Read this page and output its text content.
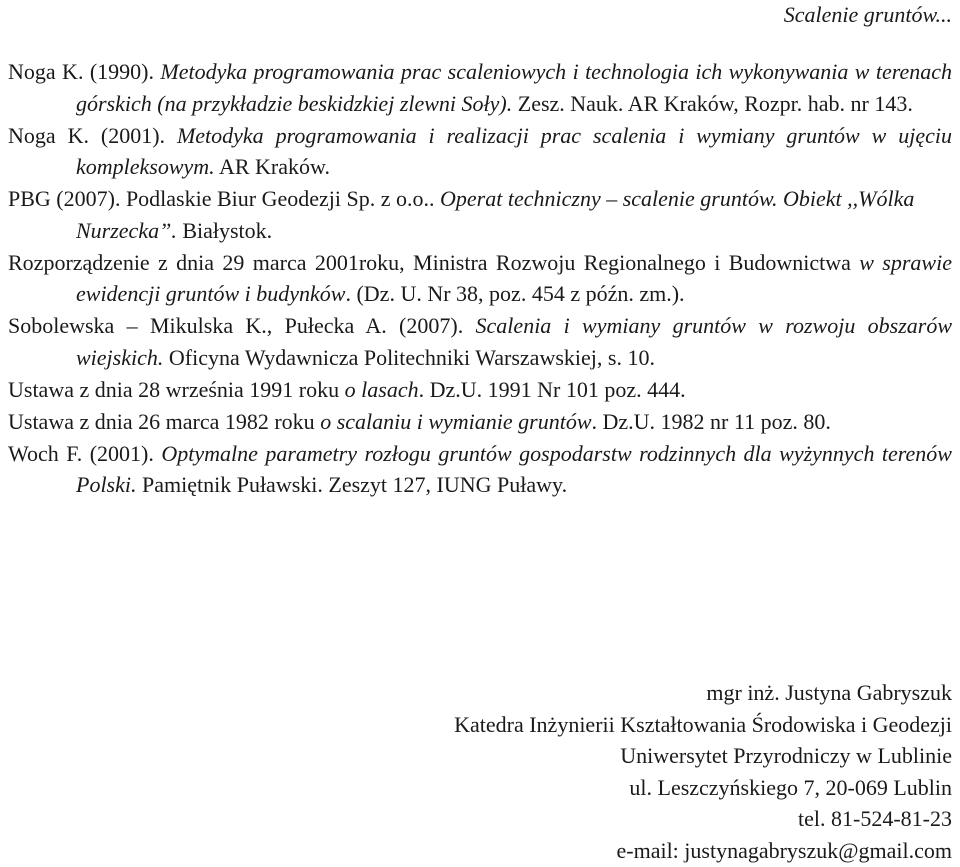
Scalenie gruntów...

Noga K. (1990). Metodyka programowania prac scaleniowych i technologia ich wykonywania w terenach górskich (na przykładzie beskidzkiej zlewni Soły). Zesz. Nauk. AR Kraków, Rozpr. hab. nr 143.

Noga K. (2001). Metodyka programowania i realizacji prac scalenia i wymiany gruntów w ujęciu kompleksowym. AR Kraków.

PBG (2007). Podlaskie Biur Geodezji Sp. z o.o.. Operat techniczny – scalenie gruntów. Obiekt ,,Wólka Nurzecka”. Białystok.

Rozporządzenie z dnia 29 marca 2001roku, Ministra Rozwoju Regionalnego i Budownictwa w sprawie ewidencji gruntów i budynków. (Dz. U. Nr 38, poz. 454 z późn. zm.).

Sobolewska – Mikulska K., Pułecka A. (2007). Scalenia i wymiany gruntów w rozwoju obszarów wiejskich. Oficyna Wydawnicza Politechniki Warszawskiej, s. 10.

Ustawa z dnia 28 września 1991 roku o lasach. Dz.U. 1991 Nr 101 poz. 444.

Ustawa z dnia 26 marca 1982 roku o scalaniu i wymianie gruntów. Dz.U. 1982 nr 11 poz. 80.

Woch F. (2001). Optymalne parametry rozłogu gruntów gospodarstw rodzinnych dla wyżynnych terenów Polski. Pamiętnik Puławski. Zeszyt 127, IUNG Puławy.

mgr inż. Justyna Gabryszuk
Katedra Inżynierii Kształtowania Środowiska i Geodezji
Uniwersytet Przyrodniczy w Lublinie
ul. Leszczyńskiego 7, 20-069 Lublin
tel. 81-524-81-23
e-mail: justynagabryszuk@gmail.com
